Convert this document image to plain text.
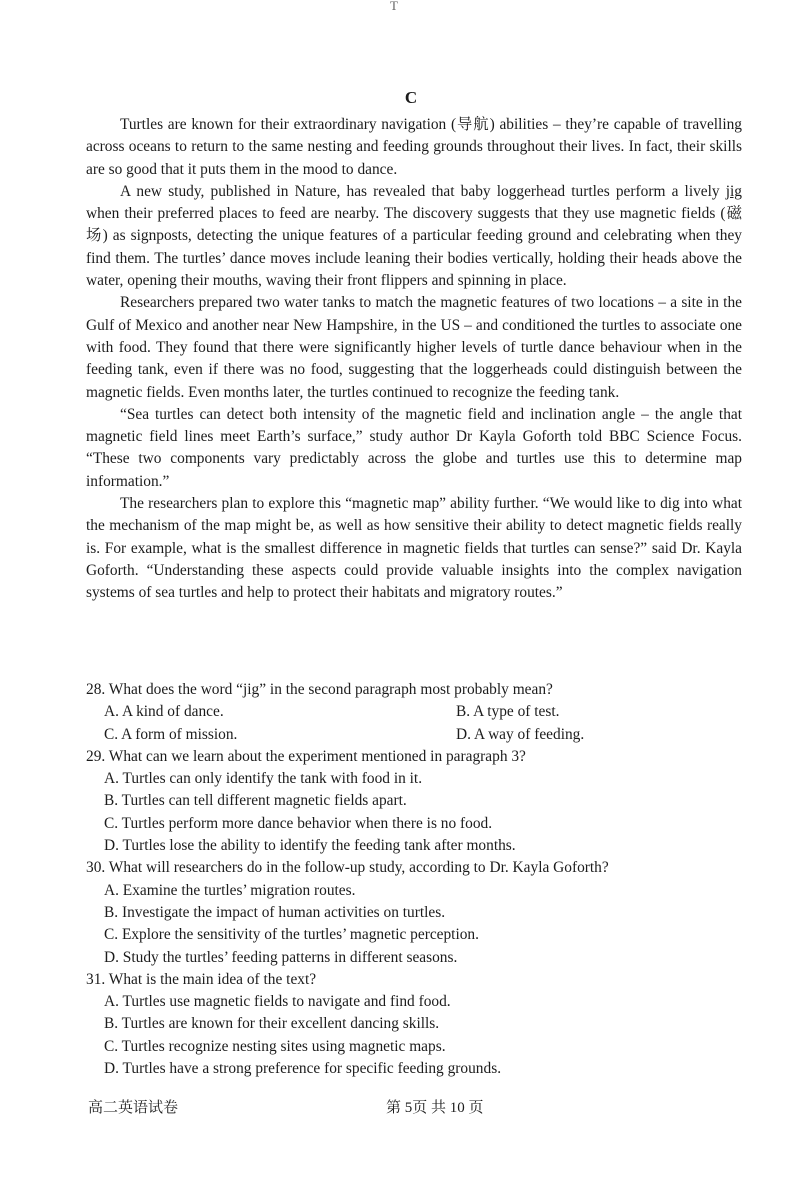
T
C

Turtles are known for their extraordinary navigation (导航) abilities – they’re capable of travelling across oceans to return to the same nesting and feeding grounds throughout their lives. In fact, their skills are so good that it puts them in the mood to dance.

A new study, published in Nature, has revealed that baby loggerhead turtles perform a lively jig when their preferred places to feed are nearby. The discovery suggests that they use magnetic fields (磁场) as signposts, detecting the unique features of a particular feeding ground and celebrating when they find them. The turtles’ dance moves include leaning their bodies vertically, holding their heads above the water, opening their mouths, waving their front flippers and spinning in place.

Researchers prepared two water tanks to match the magnetic features of two locations – a site in the Gulf of Mexico and another near New Hampshire, in the US – and conditioned the turtles to associate one with food. They found that there were significantly higher levels of turtle dance behaviour when in the feeding tank, even if there was no food, suggesting that the loggerheads could distinguish between the magnetic fields. Even months later, the turtles continued to recognize the feeding tank.

“Sea turtles can detect both intensity of the magnetic field and inclination angle – the angle that magnetic field lines meet Earth’s surface,” study author Dr Kayla Goforth told BBC Science Focus. “These two components vary predictably across the globe and turtles use this to determine map information.”

The researchers plan to explore this “magnetic map” ability further. “We would like to dig into what the mechanism of the map might be, as well as how sensitive their ability to detect magnetic fields really is. For example, what is the smallest difference in magnetic fields that turtles can sense?” said Dr. Kayla Goforth. “Understanding these aspects could provide valuable insights into the complex navigation systems of sea turtles and help to protect their habitats and migratory routes.”

28. What does the word “jig” in the second paragraph most probably mean?

A. A kind of dance.	B. A type of test.

C. A form of mission.	D. A way of feeding.

29. What can we learn about the experiment mentioned in paragraph 3?

A. Turtles can only identify the tank with food in it.

B. Turtles can tell different magnetic fields apart.

C. Turtles perform more dance behavior when there is no food.

D. Turtles lose the ability to identify the feeding tank after months.

30. What will researchers do in the follow-up study, according to Dr. Kayla Goforth?

A. Examine the turtles’ migration routes.

B. Investigate the impact of human activities on turtles.

C. Explore the sensitivity of the turtles’ magnetic perception.

D. Study the turtles’ feeding patterns in different seasons.

31. What is the main idea of the text?

A. Turtles use magnetic fields to navigate and find food.

B. Turtles are known for their excellent dancing skills.

C. Turtles recognize nesting sites using magnetic maps.

D. Turtles have a strong preference for specific feeding grounds.

高二英语试卷	第 5页 共 10 页
